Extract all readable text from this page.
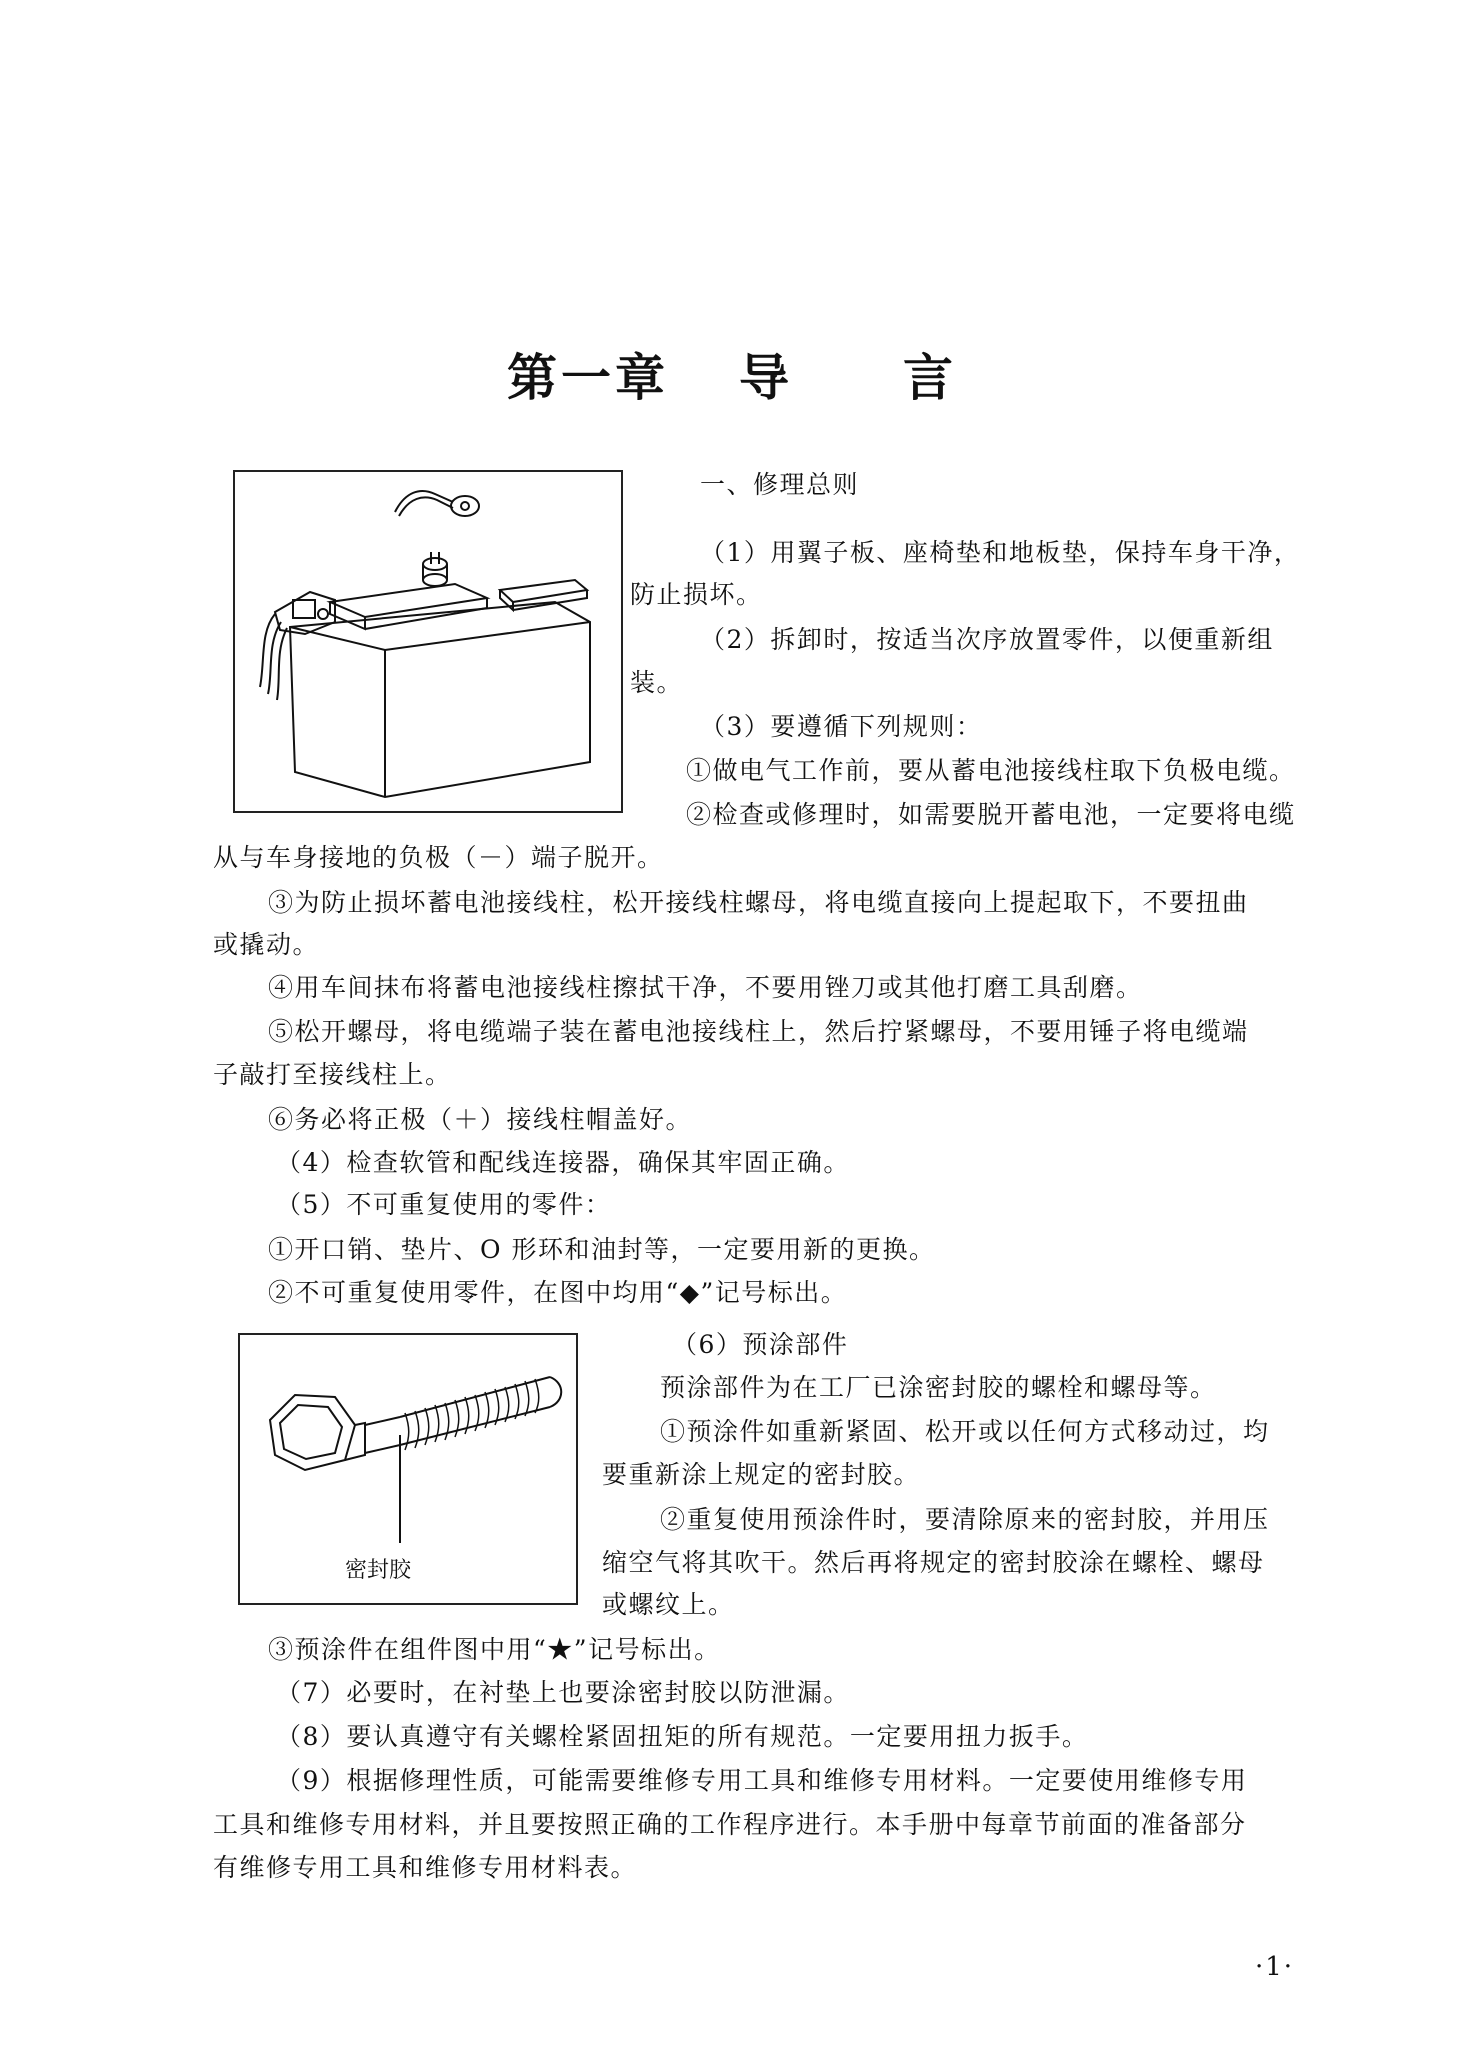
第一章 导 言
一、修理总则
（1）用翼子板、座椅垫和地板垫，保持车身干净，
防止损坏。
（2）拆卸时，按适当次序放置零件，以便重新组
装。
（3）要遵循下列规则：
①做电气工作前，要从蓄电池接线柱取下负极电缆。
②检查或修理时，如需要脱开蓄电池，一定要将电缆
从与车身接地的负极（－）端子脱开。
③为防止损坏蓄电池接线柱，松开接线柱螺母，将电缆直接向上提起取下，不要扭曲
或撬动。
④用车间抹布将蓄电池接线柱擦拭干净，不要用锉刀或其他打磨工具刮磨。
⑤松开螺母，将电缆端子装在蓄电池接线柱上，然后拧紧螺母，不要用锤子将电缆端
子敲打至接线柱上。
⑥务必将正极（＋）接线柱帽盖好。
（4）检查软管和配线连接器，确保其牢固正确。
（5）不可重复使用的零件：
①开口销、垫片、O 形环和油封等，一定要用新的更换。
②不可重复使用零件，在图中均用“◆”记号标出。
密封胶
（6）预涂部件
预涂部件为在工厂已涂密封胶的螺栓和螺母等。
①预涂件如重新紧固、松开或以任何方式移动过，均
要重新涂上规定的密封胶。
②重复使用预涂件时，要清除原来的密封胶，并用压
缩空气将其吹干。然后再将规定的密封胶涂在螺栓、螺母
或螺纹上。
③预涂件在组件图中用“★”记号标出。
（7）必要时，在衬垫上也要涂密封胶以防泄漏。
（8）要认真遵守有关螺栓紧固扭矩的所有规范。一定要用扭力扳手。
（9）根据修理性质，可能需要维修专用工具和维修专用材料。一定要使用维修专用
工具和维修专用材料，并且要按照正确的工作程序进行。本手册中每章节前面的准备部分
有维修专用工具和维修专用材料表。
·1·
